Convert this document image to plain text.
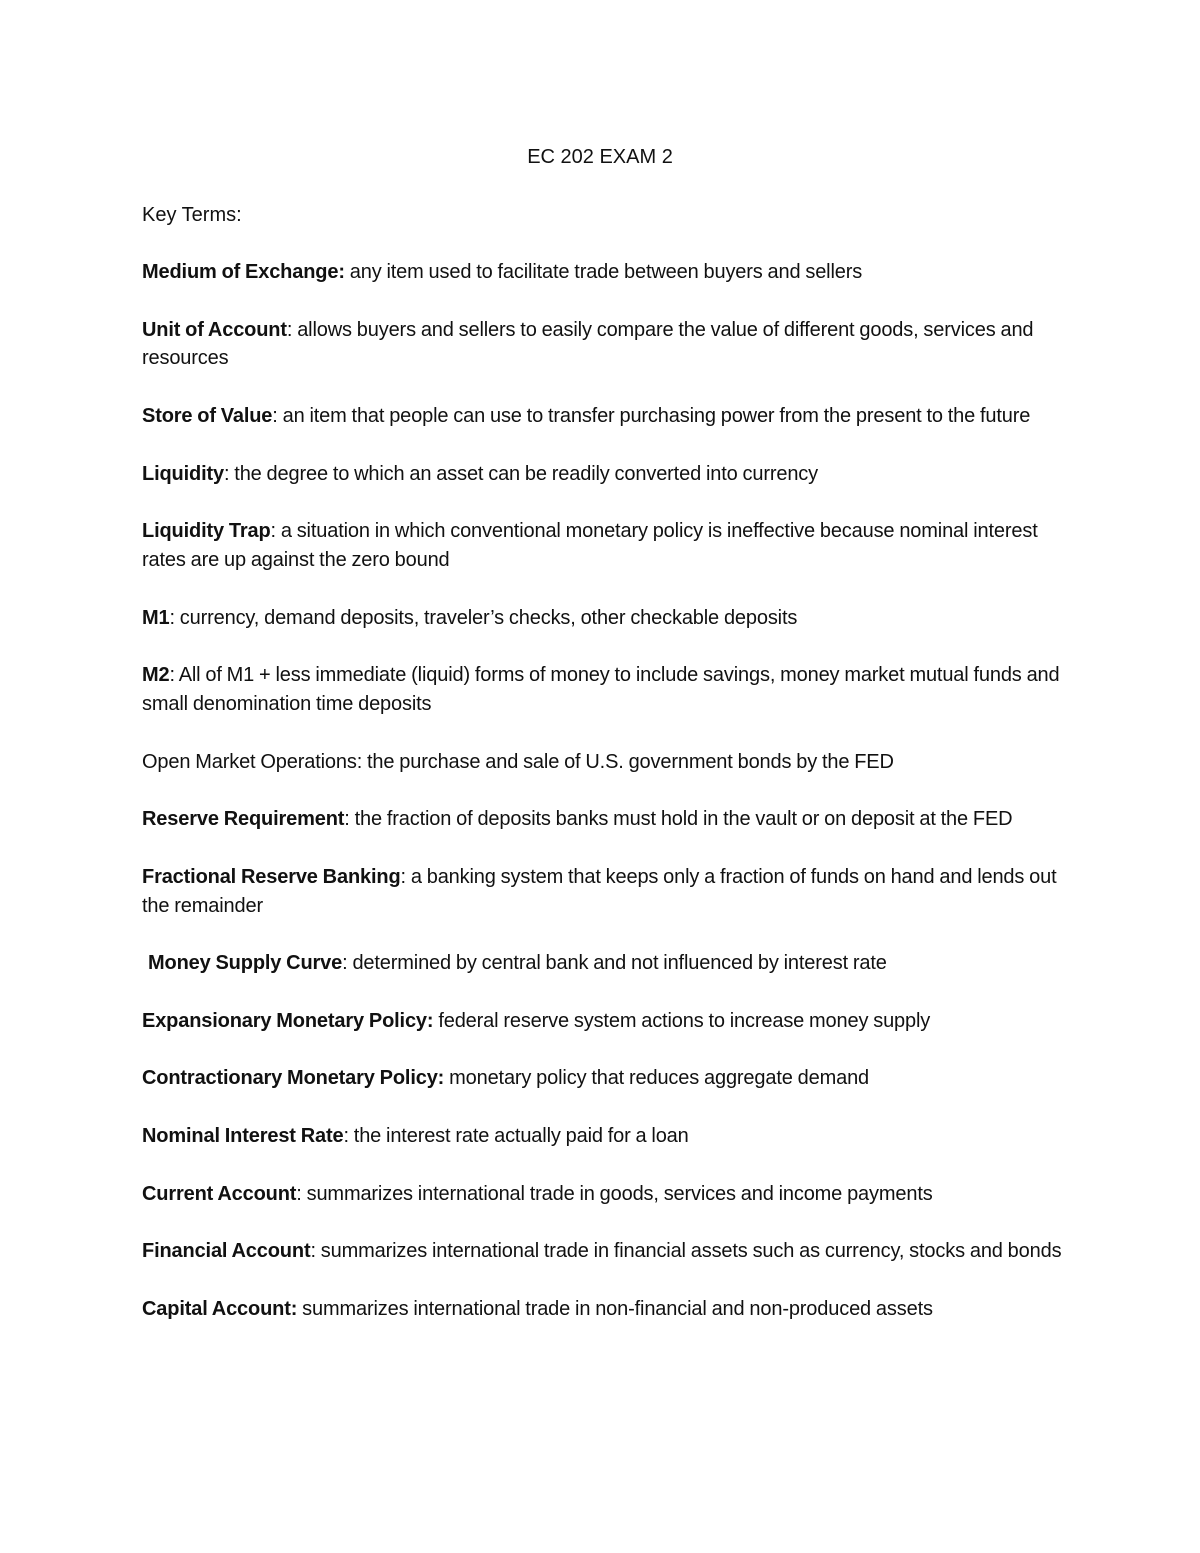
EC 202 EXAM 2

Key Terms:

Medium of Exchange: any item used to facilitate trade between buyers and sellers

Unit of Account: allows buyers and sellers to easily compare the value of different goods, services and resources

Store of Value: an item that people can use to transfer purchasing power from the present to the future

Liquidity: the degree to which an asset can be readily converted into currency

Liquidity Trap: a situation in which conventional monetary policy is ineffective because nominal interest rates are up against the zero bound

M1: currency, demand deposits, traveler’s checks, other checkable deposits

M2: All of M1 + less immediate (liquid) forms of money to include savings, money market mutual funds and small denomination time deposits

Open Market Operations: the purchase and sale of U.S. government bonds by the FED

Reserve Requirement: the fraction of deposits banks must hold in the vault or on deposit at the FED

Fractional Reserve Banking: a banking system that keeps only a fraction of funds on hand and lends out the remainder

Money Supply Curve: determined by central bank and not influenced by interest rate

Expansionary Monetary Policy: federal reserve system actions to increase money supply

Contractionary Monetary Policy: monetary policy that reduces aggregate demand

Nominal Interest Rate: the interest rate actually paid for a loan

Current Account: summarizes international trade in goods, services and income payments

Financial Account: summarizes international trade in financial assets such as currency, stocks and bonds

Capital Account: summarizes international trade in non-financial and non-produced assets
